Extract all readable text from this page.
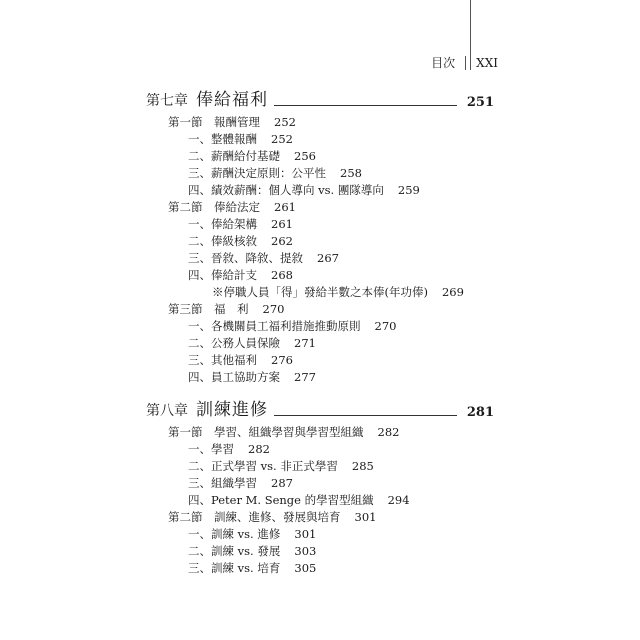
目次 XXI
第七章 俸給福利	251
第一節　報酬管理 252
一、整體報酬 252
二、薪酬給付基礎 256
三、薪酬決定原則：公平性 258
四、績效薪酬：個人導向 vs. 團隊導向 259
第二節　俸給法定 261
一、俸給架構 261
二、俸級核敘 262
三、晉敘、降敘、提敘 267
四、俸給計支 268
※停職人員「得」發給半數之本俸(年功俸) 269
第三節　福　利 270
一、各機關員工福利措施推動原則 270
二、公務人員保險 271
三、其他福利 276
四、員工協助方案 277
第八章 訓練進修	281
第一節　學習、組織學習與學習型組織 282
一、學習 282
二、正式學習 vs. 非正式學習 285
三、組織學習 287
四、Peter M. Senge 的學習型組織 294
第二節　訓練、進修、發展與培育 301
一、訓練 vs. 進修 301
二、訓練 vs. 發展 303
三、訓練 vs. 培育 305
